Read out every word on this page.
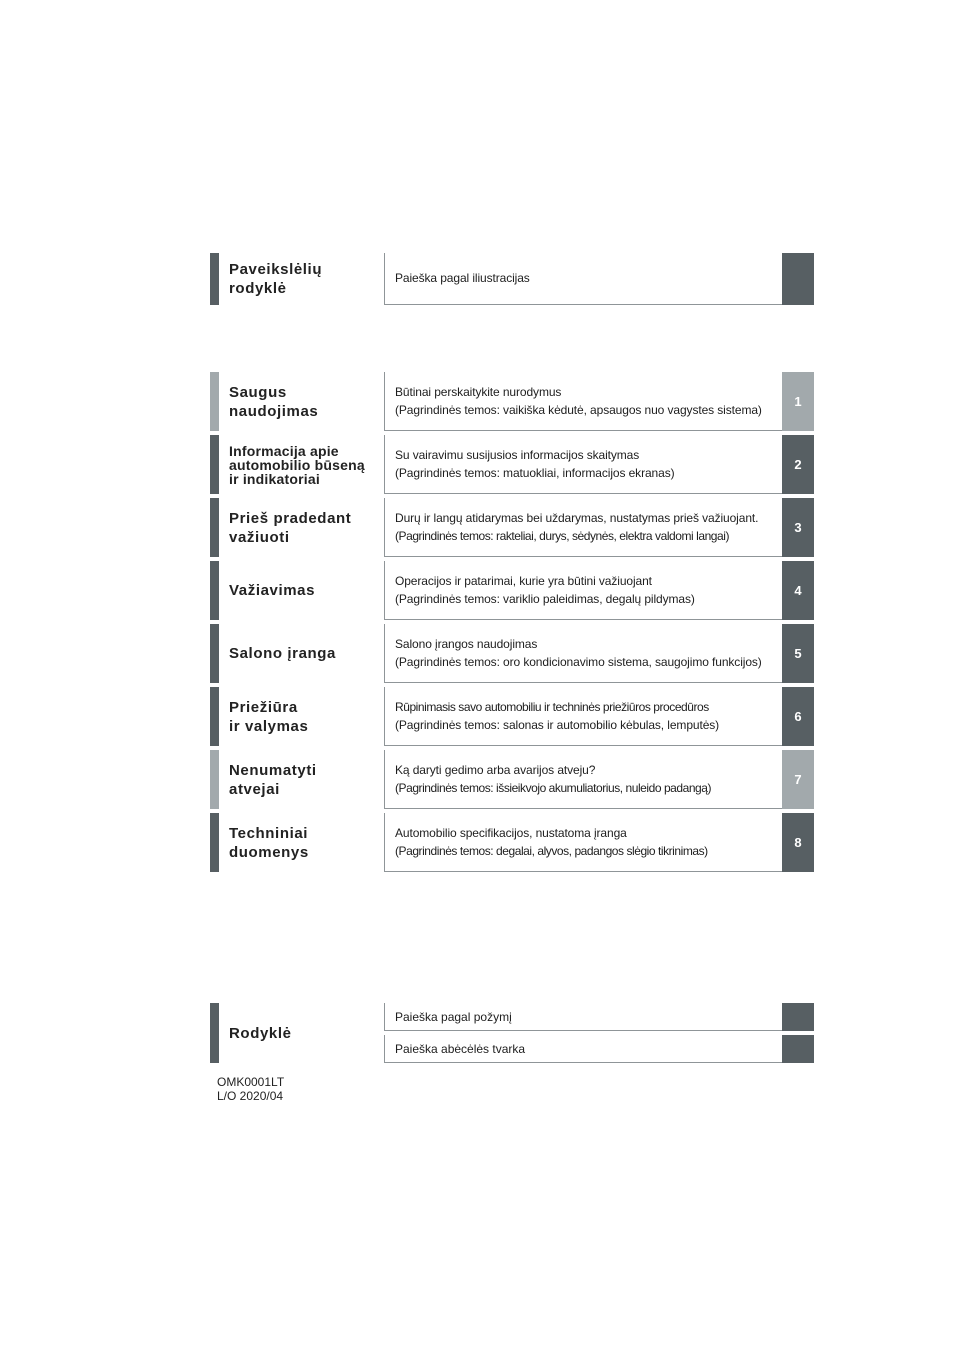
Paveikslėlių
rodyklė
Paieška pagal iliustracijas
Saugus
naudojimas
Būtinai perskaitykite nurodymus
(Pagrindinės temos: vaikiška kėdutė, apsaugos nuo vagystes sistema)
1
Informacija apie
automobilio būseną
ir indikatoriai
Su vairavimu susijusios informacijos skaitymas
(Pagrindinės temos: matuokliai, informacijos ekranas)
2
Prieš pradedant
važiuoti
Durų ir langų atidarymas bei uždarymas, nustatymas prieš važiuojant.
(Pagrindinės temos: rakteliai, durys, sėdynės, elektra valdomi langai)
3
Važiavimas
Operacijos ir patarimai, kurie yra būtini važiuojant
(Pagrindinės temos: variklio paleidimas, degalų pildymas)
4
Salono įranga
Salono įrangos naudojimas
(Pagrindinės temos: oro kondicionavimo sistema, saugojimo funkcijos)
5
Priežiūra
ir valymas
Rūpinimasis savo automobiliu ir techninės priežiūros procedūros
(Pagrindinės temos: salonas ir automobilio kėbulas, lemputės)
6
Nenumatyti
atvejai
Ką daryti gedimo arba avarijos atveju?
(Pagrindinės temos: išsieikvojo akumuliatorius, nuleido padangą)
7
Techniniai
duomenys
Automobilio specifikacijos, nustatoma įranga
(Pagrindinės temos: degalai, alyvos, padangos slėgio tikrinimas)
8
Rodyklė
Paieška pagal požymį
Paieška abėcėlės tvarka
OMK0001LT
L/O 2020/04
